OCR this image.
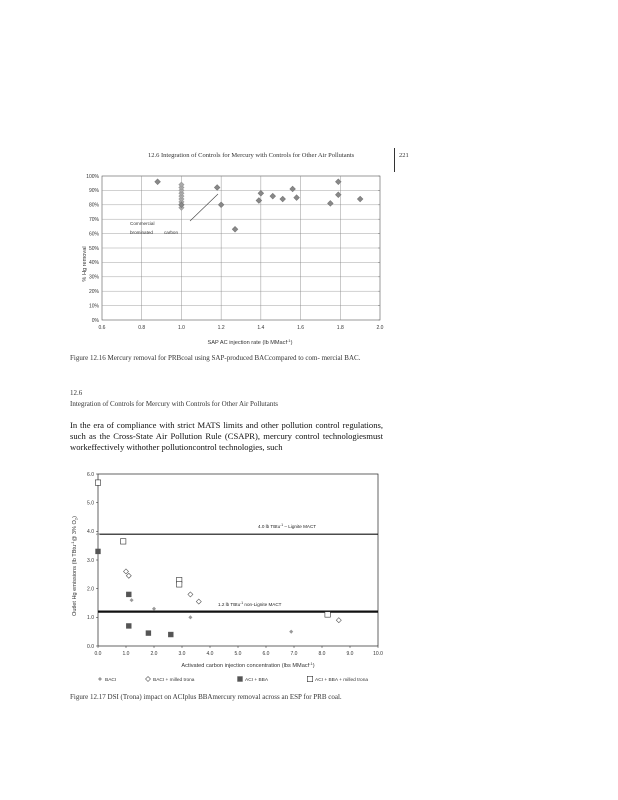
12.6 Integration of Controls for Mercury with Controls for Other Air Pollutants	221
0%
10%
20%
30%
40%
50%
60%
70%
80%
90%
100%
0.6	0.8	1.0	1.2	1.4	1.6	1.8	2.0
Commercial
brominated carbon
% Hg removal
SAP AC injection rate (lb MMacf$^{-1}$)
Figure 12.16 Mercury removal for PRBcoal using SAP-produced BACcompared to com- mercial BAC.
12.6
Integration of Controls for Mercury with Controls for Other Air Pollutants
In the era of compliance with strict MATS limits and other pollution control regulations, such as the Cross-State Air Pollution Rule (CSAPR), mercury control technologiesmust workeffectively withother pollutioncontrol technologies, such
0.0
1.0
2.0
3.0
4.0
5.0
6.0
0.0	1.0	2.0	3.0	4.0	5.0	6.0	7.0	8.0	9.0	10.0
4.0 lb TBtu$^{-1}$ – Lignite MACT
1.2 lb TBtu$^{-1}$ non-Lignite MACT
Outlet Hg emissions (lb TBtu$^{-1}$@ 3% $O_2$)
Activated carbon injection concentration (lbs MMacf$^{-1}$)
BACI	BACI + milled trona	ACI + BBA	ACI + BBA + milled trona
Figure 12.17 DSI (Trona) impact on ACIplus BBAmercury removal across an ESP for PRB coal.
